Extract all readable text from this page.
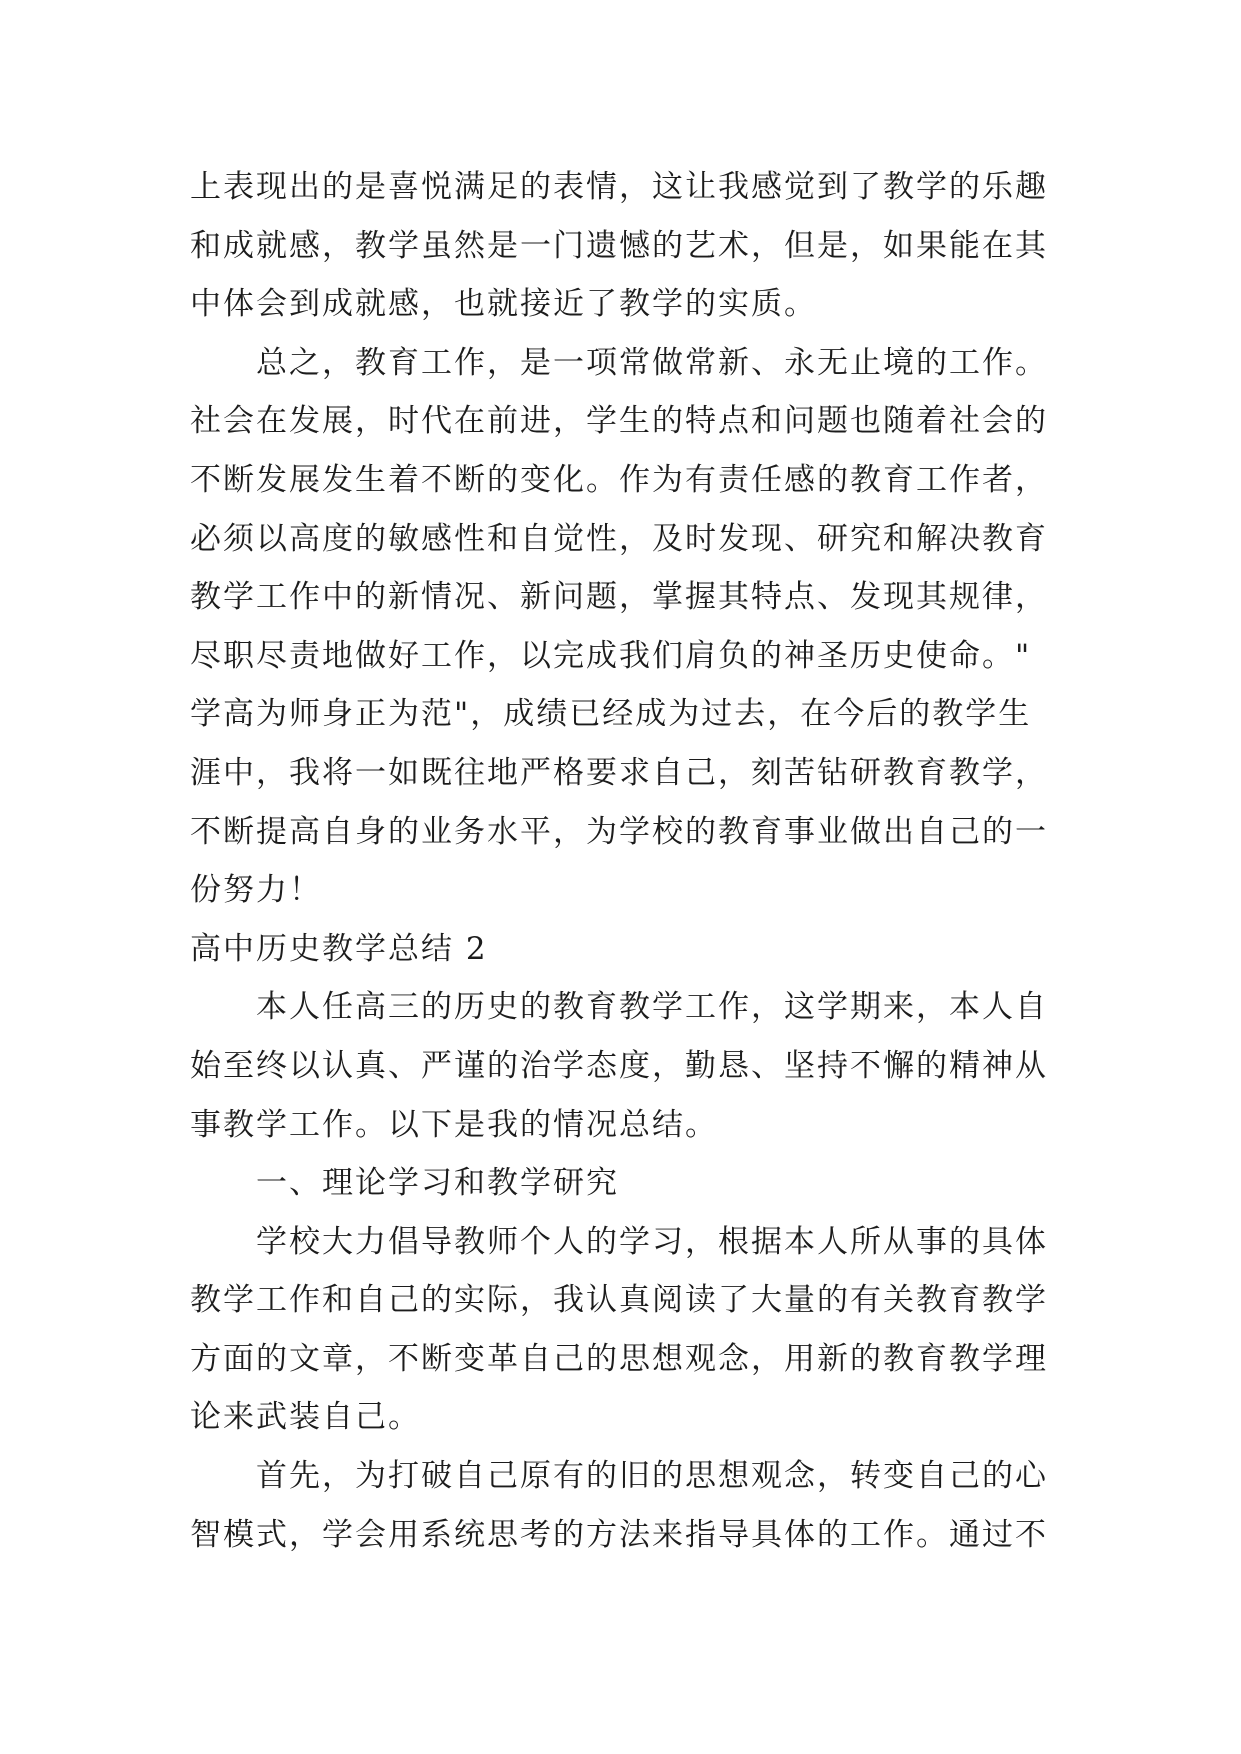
上表现出的是喜悦满足的表情，这让我感觉到了教学的乐趣
和成就感，教学虽然是一门遗憾的艺术，但是，如果能在其
中体会到成就感，也就接近了教学的实质。
总之，教育工作，是一项常做常新、永无止境的工作。
社会在发展，时代在前进，学生的特点和问题也随着社会的
不断发展发生着不断的变化。作为有责任感的教育工作者，
必须以高度的敏感性和自觉性，及时发现、研究和解决教育
教学工作中的新情况、新问题，掌握其特点、发现其规律，
尽职尽责地做好工作，以完成我们肩负的神圣历史使命。"
学高为师身正为范"，成绩已经成为过去，在今后的教学生
涯中，我将一如既往地严格要求自己，刻苦钻研教育教学，
不断提高自身的业务水平，为学校的教育事业做出自己的一
份努力！
高中历史教学总结 2
本人任高三的历史的教育教学工作，这学期来，本人自
始至终以认真、严谨的治学态度，勤恳、坚持不懈的精神从
事教学工作。以下是我的情况总结。
一、理论学习和教学研究
学校大力倡导教师个人的学习，根据本人所从事的具体
教学工作和自己的实际，我认真阅读了大量的有关教育教学
方面的文章，不断变革自己的思想观念，用新的教育教学理
论来武装自己。
首先，为打破自己原有的旧的思想观念，转变自己的心
智模式，学会用系统思考的方法来指导具体的工作。通过不
